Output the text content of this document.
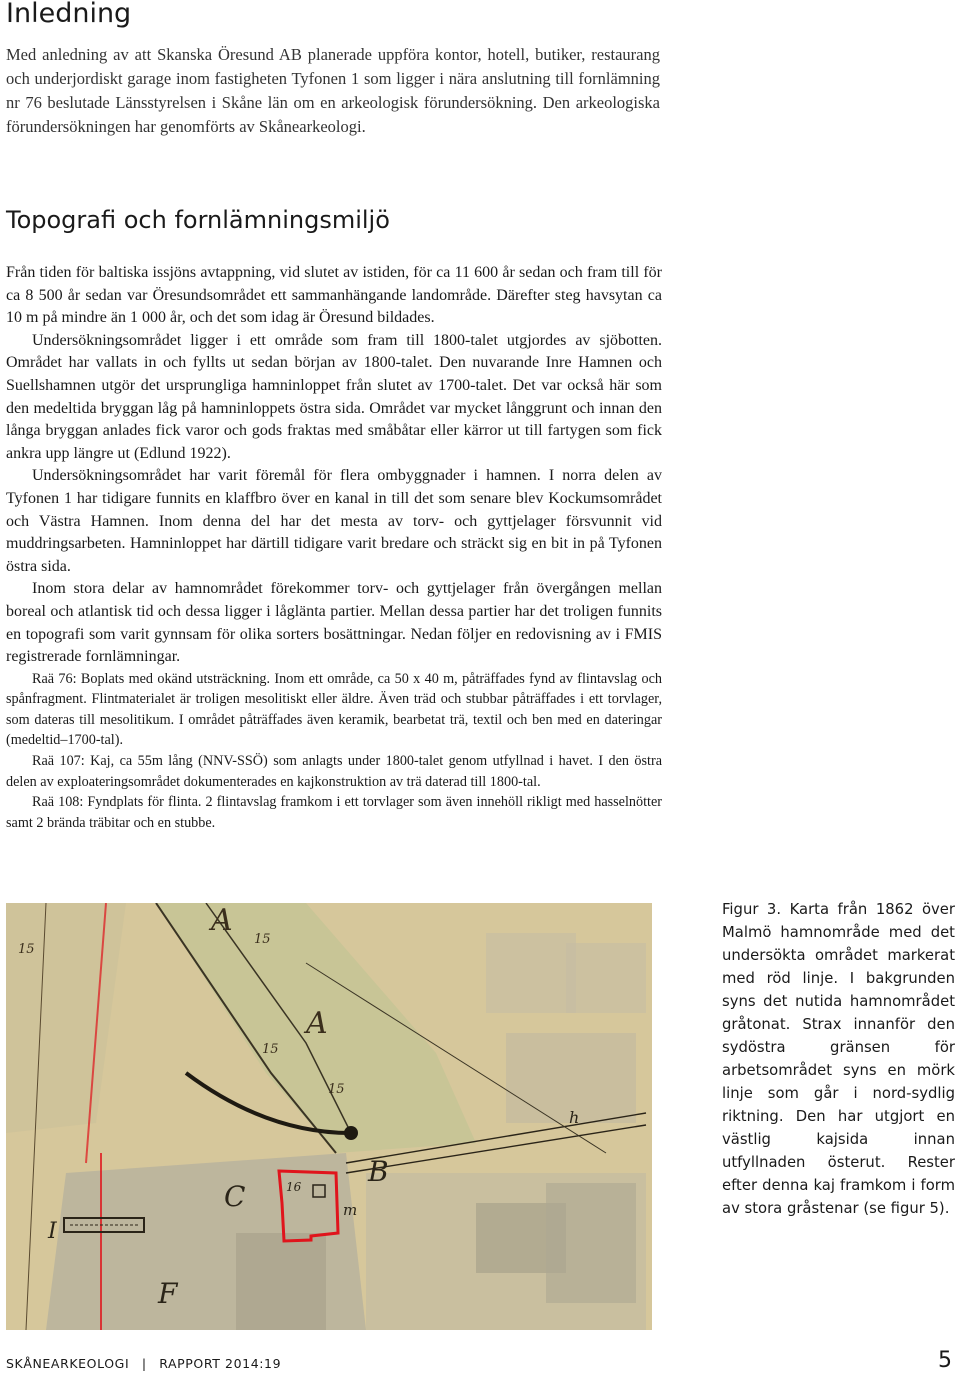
Inledning

Med anledning av att Skanska Öresund AB planerade uppföra kontor, hotell, butiker, restaurang och underjordiskt garage inom fastigheten Tyfonen 1 som ligger i nära anslutning till fornlämning nr 76 beslutade Länsstyrelsen i Skåne län om en arkeologisk förundersökning. Den arkeologiska förundersökningen har genomförts av Skånearkeologi.

Topografi och fornlämningsmiljö

Från tiden för baltiska issjöns avtappning, vid slutet av istiden, för ca 11 600 år sedan och fram till för ca 8 500 år sedan var Öresundsområdet ett sammanhängande landområde. Därefter steg havsytan ca 10 m på mindre än 1 000 år, och det som idag är Öresund bildades.

Undersökningsområdet ligger i ett område som fram till 1800-talet utgjordes av sjöbotten. Området har vallats in och fyllts ut sedan början av 1800-talet. Den nuvarande Inre Hamnen och Suellshamnen utgör det ursprungliga hamninloppet från slutet av 1700-talet. Det var också här som den medeltida bryggan låg på hamninloppets östra sida. Området var mycket långgrunt och innan den långa bryggan anlades fick varor och gods fraktas med småbåtar eller kärror ut till fartygen som fick ankra upp längre ut (Edlund 1922).

Undersökningsområdet har varit föremål för flera ombyggnader i hamnen. I norra delen av Tyfonen 1 har tidigare funnits en klaffbro över en kanal in till det som senare blev Kockumsområdet och Västra Hamnen. Inom denna del har det mesta av torv- och gyttjelager försvunnit vid muddringsarbeten. Hamninloppet har därtill tidigare varit bredare och sträckt sig en bit in på Tyfonen östra sida.

Inom stora delar av hamnområdet förekommer torv- och gyttjelager från övergången mellan boreal och atlantisk tid och dessa ligger i låglänta partier. Mellan dessa partier har det troligen funnits en topografi som varit gynnsam för olika sorters bosättningar. Nedan följer en redovisning av i FMIS registrerade fornlämningar.

Raä 76: Boplats med okänd utsträckning. Inom ett område, ca 50 x 40 m, påträffades fynd av flintavslag och spånfragment. Flintmaterialet är troligen mesolitiskt eller äldre. Även träd och stubbar påträffades i ett torvlager, som dateras till mesolitikum. I området påträffades även keramik, bearbetat trä, textil och ben med en dateringar (medeltid–1700-tal).

Raä 107: Kaj, ca 55m lång (NNV-SSÖ) som anlagts under 1800-talet genom utfyllnad i havet. I den östra delen av exploateringsområdet dokumenterades en kajkonstruktion av trä daterad till 1800-tal.

Raä 108: Fyndplats för flinta. 2 flintavslag framkom i ett torvlager som även innehöll rikligt med hasselnötter samt 2 brända träbitar och en stubbe.

A
A
B
C
I
F
15
15
15
15
16
h
m

Figur 3. Karta från 1862 över Malmö hamnområde med det undersökta området markerat med röd linje. I bakgrunden syns det nutida hamnområdet gråtonat. Strax innanför den sydöstra gränsen för arbetsområdet syns en mörk linje som går i nord-sydlig riktning. Den har utgjort en västlig kajsida innan utfyllnaden österut. Rester efter denna kaj framkom i form av stora gråstenar (se figur 5).

SKÅNEARKEOLOGI | RAPPORT 2014:19	5
